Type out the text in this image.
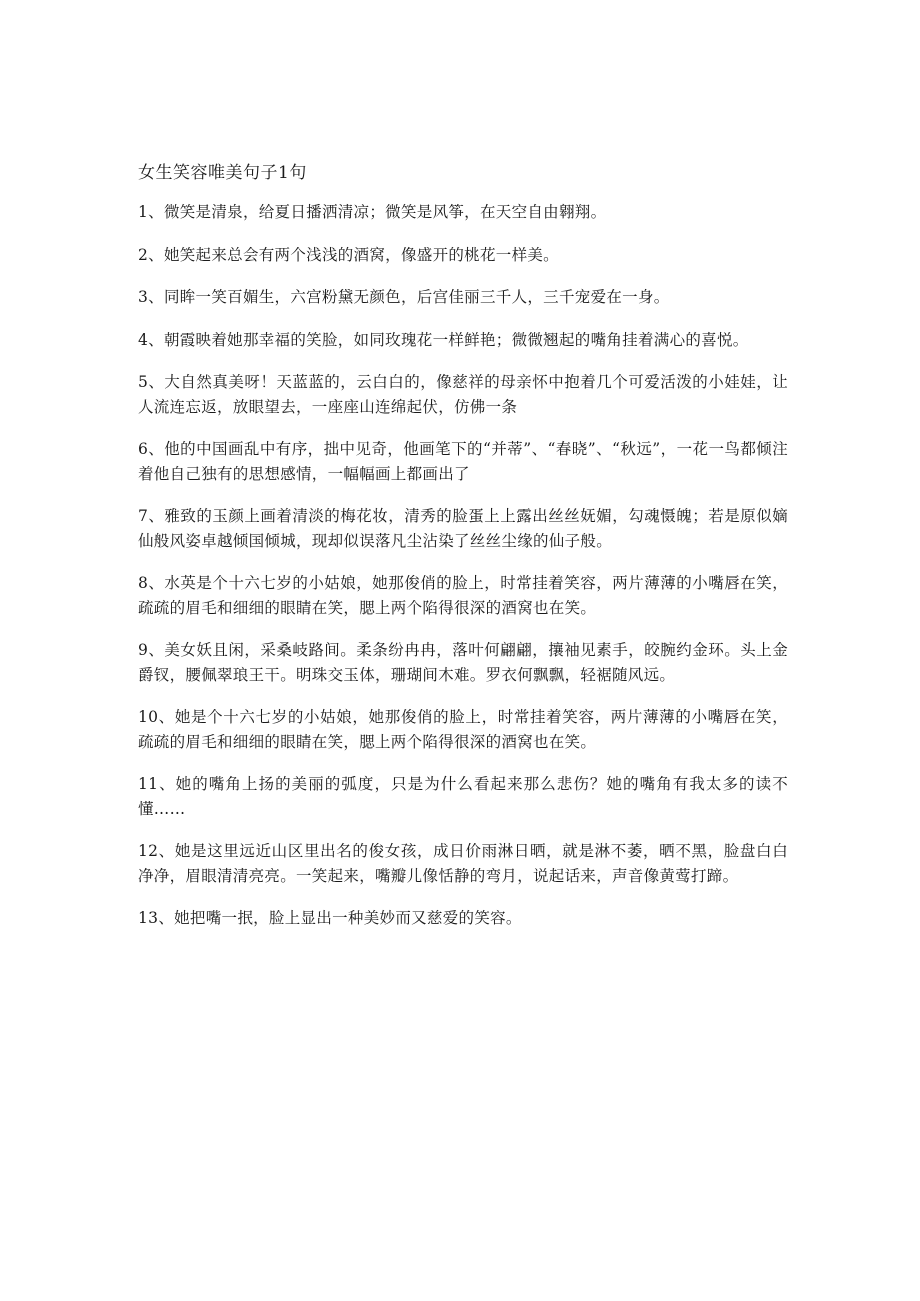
女生笑容唯美句子1句

1、微笑是清泉，给夏日播洒清凉；微笑是风筝，在天空自由翱翔。

2、她笑起来总会有两个浅浅的酒窝，像盛开的桃花一样美。

3、同眸一笑百媚生，六宫粉黛无颜色，后宫佳丽三千人，三千宠爱在一身。

4、朝霞映着她那幸福的笑脸，如同玫瑰花一样鲜艳；微微翘起的嘴角挂着满心的喜悦。

5、大自然真美呀！天蓝蓝的，云白白的，像慈祥的母亲怀中抱着几个可爱活泼的小娃娃，让人流连忘返，放眼望去，一座座山连绵起伏，仿佛一条

6、他的中国画乱中有序，拙中见奇，他画笔下的“并蒂”、“春晓”、“秋远”，一花一鸟都倾注着他自己独有的思想感情，一幅幅画上都画出了

7、雅致的玉颜上画着清淡的梅花妆，清秀的脸蛋上上露出丝丝妩媚，勾魂慑魄；若是原似嫡仙般风姿卓越倾国倾城，现却似误落凡尘沾染了丝丝尘缘的仙子般。

8、水英是个十六七岁的小姑娘，她那俊俏的脸上，时常挂着笑容，两片薄薄的小嘴唇在笑，疏疏的眉毛和细细的眼睛在笑，腮上两个陷得很深的酒窝也在笑。

9、美女妖且闲，采桑岐路间。柔条纷冉冉，落叶何翩翩，攘袖见素手，皎腕约金环。头上金爵钗，腰佩翠琅王干。明珠交玉体，珊瑚间木难。罗衣何飘飘，轻裾随风远。

10、她是个十六七岁的小姑娘，她那俊俏的脸上，时常挂着笑容，两片薄薄的小嘴唇在笑，疏疏的眉毛和细细的眼睛在笑，腮上两个陷得很深的酒窝也在笑。

11、她的嘴角上扬的美丽的弧度，只是为什么看起来那么悲伤？她的嘴角有我太多的读不懂……

12、她是这里远近山区里出名的俊女孩，成日价雨淋日晒，就是淋不萎，晒不黑，脸盘白白净净，眉眼清清亮亮。一笑起来，嘴瓣儿像恬静的弯月，说起话来，声音像黄莺打蹄。

13、她把嘴一抿，脸上显出一种美妙而又慈爱的笑容。
